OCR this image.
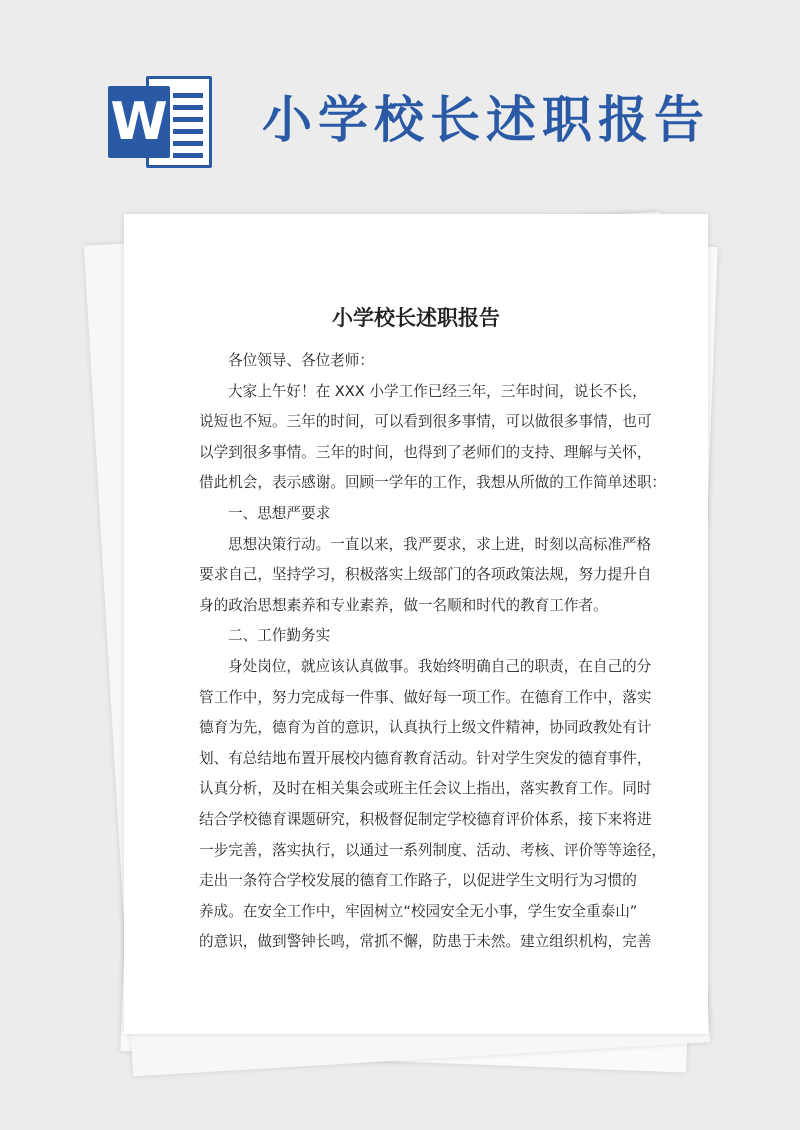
W 小学校长述职报告
小学校长述职报告
各位领导、各位老师：
大家上午好！在 XXX 小学工作已经三年，三年时间，说长不长，
说短也不短。三年的时间，可以看到很多事情，可以做很多事情，也可
以学到很多事情。三年的时间，也得到了老师们的支持、理解与关怀，
借此机会，表示感谢。回顾一学年的工作，我想从所做的工作简单述职：
一、思想严要求
思想决策行动。一直以来，我严要求，求上进，时刻以高标准严格
要求自己，坚持学习，积极落实上级部门的各项政策法规，努力提升自
身的政治思想素养和专业素养，做一名顺和时代的教育工作者。
二、工作勤务实
身处岗位，就应该认真做事。我始终明确自己的职责，在自己的分
管工作中，努力完成每一件事、做好每一项工作。在德育工作中，落实
德育为先，德育为首的意识，认真执行上级文件精神，协同政教处有计
划、有总结地布置开展校内德育教育活动。针对学生突发的德育事件，
认真分析，及时在相关集会或班主任会议上指出，落实教育工作。同时
结合学校德育课题研究，积极督促制定学校德育评价体系，接下来将进
一步完善，落实执行，以通过一系列制度、活动、考核、评价等等途径，
走出一条符合学校发展的德育工作路子，以促进学生文明行为习惯的
养成。在安全工作中，牢固树立“校园安全无小事，学生安全重泰山”
的意识，做到警钟长鸣，常抓不懈，防患于未然。建立组织机构，完善
